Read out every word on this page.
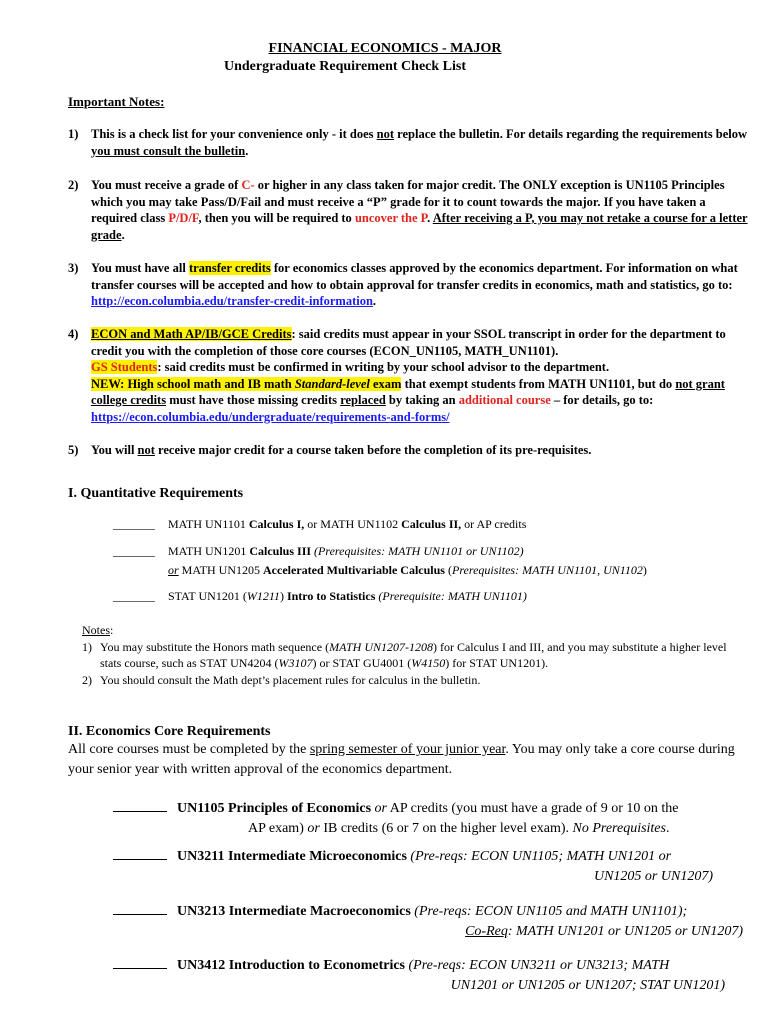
FINANCIAL ECONOMICS - MAJOR
Undergraduate Requirement Check List
Important Notes:
1) This is a check list for your convenience only - it does not replace the bulletin. For details regarding the requirements below you must consult the bulletin.
2) You must receive a grade of C- or higher in any class taken for major credit. The ONLY exception is UN1105 Principles which you may take Pass/D/Fail and must receive a “P” grade for it to count towards the major. If you have taken a required class P/D/F, then you will be required to uncover the P. After receiving a P, you may not retake a course for a letter grade.
3) You must have all transfer credits for economics classes approved by the economics department. For information on what transfer courses will be accepted and how to obtain approval for transfer credits in economics, math and statistics, go to: http://econ.columbia.edu/transfer-credit-information.
4) ECON and Math AP/IB/GCE Credits: said credits must appear in your SSOL transcript in order for the department to credit you with the completion of those core courses (ECON_UN1105, MATH_UN1101).
GS Students: said credits must be confirmed in writing by your school advisor to the department.
NEW: High school math and IB math Standard-level exam that exempt students from MATH UN1101, but do not grant college credits must have those missing credits replaced by taking an additional course – for details, go to: https://econ.columbia.edu/undergraduate/requirements-and-forms/
5) You will not receive major credit for a course taken before the completion of its pre-requisites.
I. Quantitative Requirements
_______ MATH UN1101 Calculus I, or MATH UN1102 Calculus II, or AP credits
_______ MATH UN1201 Calculus III (Prerequisites: MATH UN1101 or UN1102)
or MATH UN1205 Accelerated Multivariable Calculus (Prerequisites: MATH UN1101, UN1102)
_______ STAT UN1201 (W1211) Intro to Statistics (Prerequisite: MATH UN1101)
Notes:
1) You may substitute the Honors math sequence (MATH UN1207-1208) for Calculus I and III, and you may substitute a higher level stats course, such as STAT UN4204 (W3107) or STAT GU4001 (W4150) for STAT UN1201).
2) You should consult the Math dept’s placement rules for calculus in the bulletin.
II. Economics Core Requirements
All core courses must be completed by the spring semester of your junior year. You may only take a core course during your senior year with written approval of the economics department.
UN1105 Principles of Economics or AP credits (you must have a grade of 9 or 10 on the
AP exam) or IB credits (6 or 7 on the higher level exam). No Prerequisites.
UN3211 Intermediate Microeconomics (Pre-reqs: ECON UN1105; MATH UN1201 or
UN1205 or UN1207)
UN3213 Intermediate Macroeconomics (Pre-reqs: ECON UN1105 and MATH UN1101);
Co-Req: MATH UN1201 or UN1205 or UN1207)
UN3412 Introduction to Econometrics (Pre-reqs: ECON UN3211 or UN3213; MATH
UN1201 or UN1205 or UN1207; STAT UN1201)
